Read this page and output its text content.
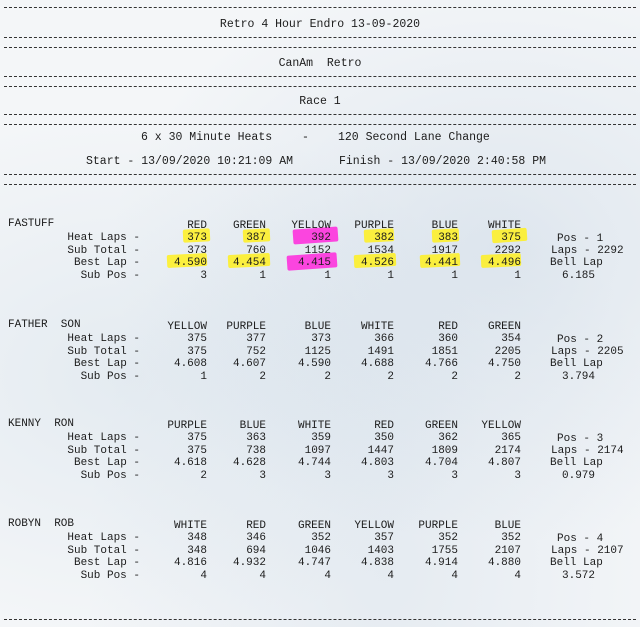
Retro 4 Hour Endro 13-09-2020
CanAm  Retro
Race 1
6 x 30 Minute Heats	-	120 Second Lane Change
Start - 13/09/2020 10:21:09 AM	Finish - 13/09/2020 2:40:58 PM
FASTUFF	RED GREEN YELLOW PURPLE	BLUE	WHITE
Heat Laps -	373	387	392	382	383	375
Sub Total -	373	760	1152	1534	1917	2292
Best Lap -	4.590 4.454	4.415	4.526	4.441	4.496
Sub Pos -	3	1	1	1	1	1
Pos - 1
Laps - 2292
Bell Lap
6.185
FATHER  SON	YELLOW PURPLE	BLUE	WHITE	RED	GREEN
Heat Laps -	375	377	373	366	360	354
Sub Total -	375	752	1125	1491	1851	2205
Best Lap -	4.608 4.607	4.590	4.688	4.766	4.750
Sub Pos -	1	2	2	2	2	2
Pos - 2
Laps - 2205
Bell Lap
3.794
KENNY  RON	PURPLE	BLUE	WHITE	RED	GREEN YELLOW
Heat Laps -	375	363	359	350	362	365
Sub Total -	375	738	1097	1447	1809	2174
Best Lap -	4.618 4.628	4.744	4.803	4.704	4.807
Sub Pos -	2	3	3	3	3	3
Pos - 3
Laps - 2174
Bell Lap
0.979
ROBYN  ROB	WHITE	RED	GREEN YELLOW PURPLE	BLUE
Heat Laps -	348	346	352	357	352	352
Sub Total -	348	694	1046	1403	1755	2107
Best Lap -	4.816 4.932	4.747	4.838	4.914	4.880
Sub Pos -	4	4	4	4	4	4
Pos - 4
Laps - 2107
Bell Lap
3.572
